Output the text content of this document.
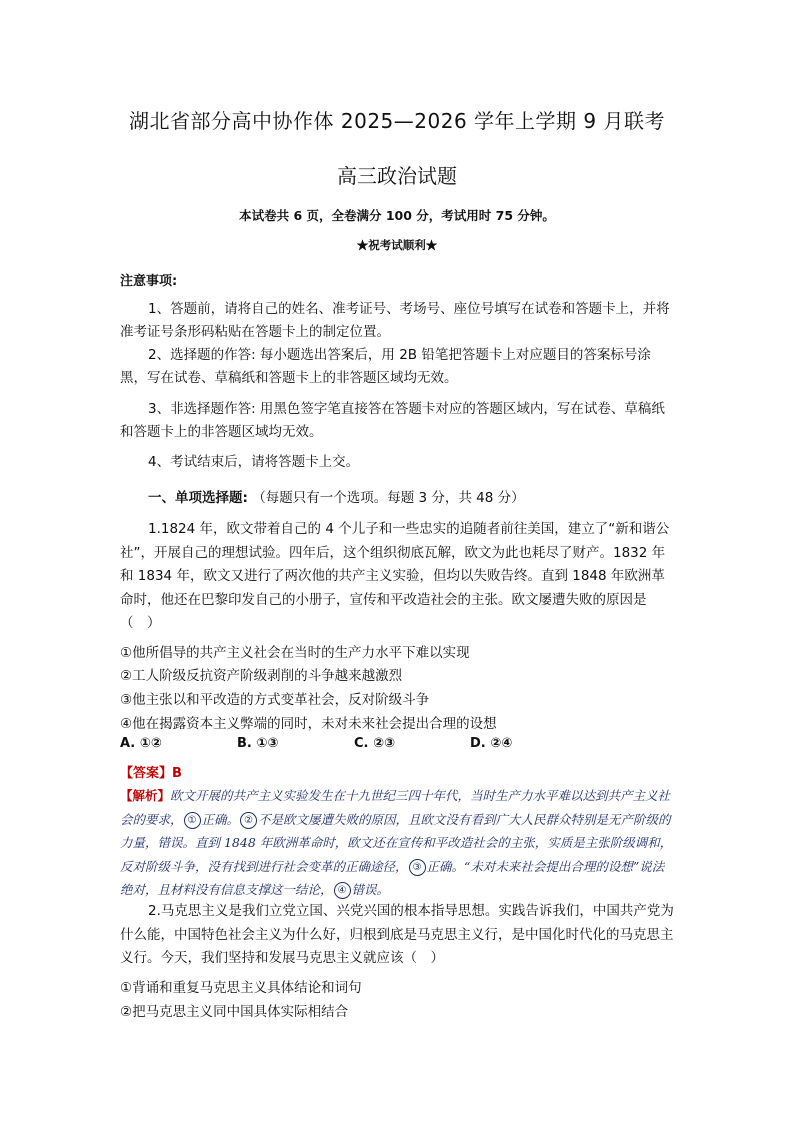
湖北省部分高中协作体 2025—2026 学年上学期 9 月联考
高三政治试题
本试卷共 6 页，全卷满分 100 分，考试用时 75 分钟。
★祝考试顺利★
注意事项:
1、答题前，请将自己的姓名、准考证号、考场号、座位号填写在试卷和答题卡上，并将准考证号条形码粘贴在答题卡上的制定位置。
2、选择题的作答: 每小题选出答案后，用 2B 铅笔把答题卡上对应题目的答案标号涂黑，写在试卷、草稿纸和答题卡上的非答题区域均无效。
3、非选择题作答: 用黑色签字笔直接答在答题卡对应的答题区域内，写在试卷、草稿纸和答题卡上的非答题区域均无效。
4、考试结束后，请将答题卡上交。
一、单项选择题: （每题只有一个选项。每题 3 分，共 48 分）
1.1824 年，欧文带着自己的 4 个儿子和一些忠实的追随者前往美国，建立了“新和谐公社”，开展自己的理想试验。四年后，这个组织彻底瓦解，欧文为此也耗尽了财产。1832 年和 1834 年，欧文又进行了两次他的共产主义实验，但均以失败告终。直到 1848 年欧洲革命时，他还在巴黎印发自己的小册子，宣传和平改造社会的主张。欧文屡遭失败的原因是（　）
①他所倡导的共产主义社会在当时的生产力水平下难以实现
②工人阶级反抗资产阶级剥削的斗争越来越激烈
③他主张以和平改造的方式变革社会，反对阶级斗争
④他在揭露资本主义弊端的同时，未对未来社会提出合理的设想
A. ①②	B. ①③	C. ②③	D. ②④
【答案】B
【解析】欧文开展的共产主义实验发生在十九世纪三四十年代，当时生产力水平难以达到共产主义社会的要求， ① 正确。 ② 不是欧文屡遭失败的原因，且欧文没有看到广大人民群众特别是无产阶级的力量，错误。直到 1848 年欧洲革命时，欧文还在宣传和平改造社会的主张，实质是主张阶级调和，反对阶级斗争，没有找到进行社会变革的正确途径， ③ 正确。“未对未来社会提出合理的设想”说法绝对，且材料没有信息支撑这一结论， ④ 错误。
2.马克思主义是我们立党立国、兴党兴国的根本指导思想。实践告诉我们，中国共产党为什么能，中国特色社会主义为什么好，归根到底是马克思主义行，是中国化时代化的马克思主义行。今天，我们坚持和发展马克思主义就应该（　）
①背诵和重复马克思主义具体结论和词句
②把马克思主义同中国具体实际相结合
